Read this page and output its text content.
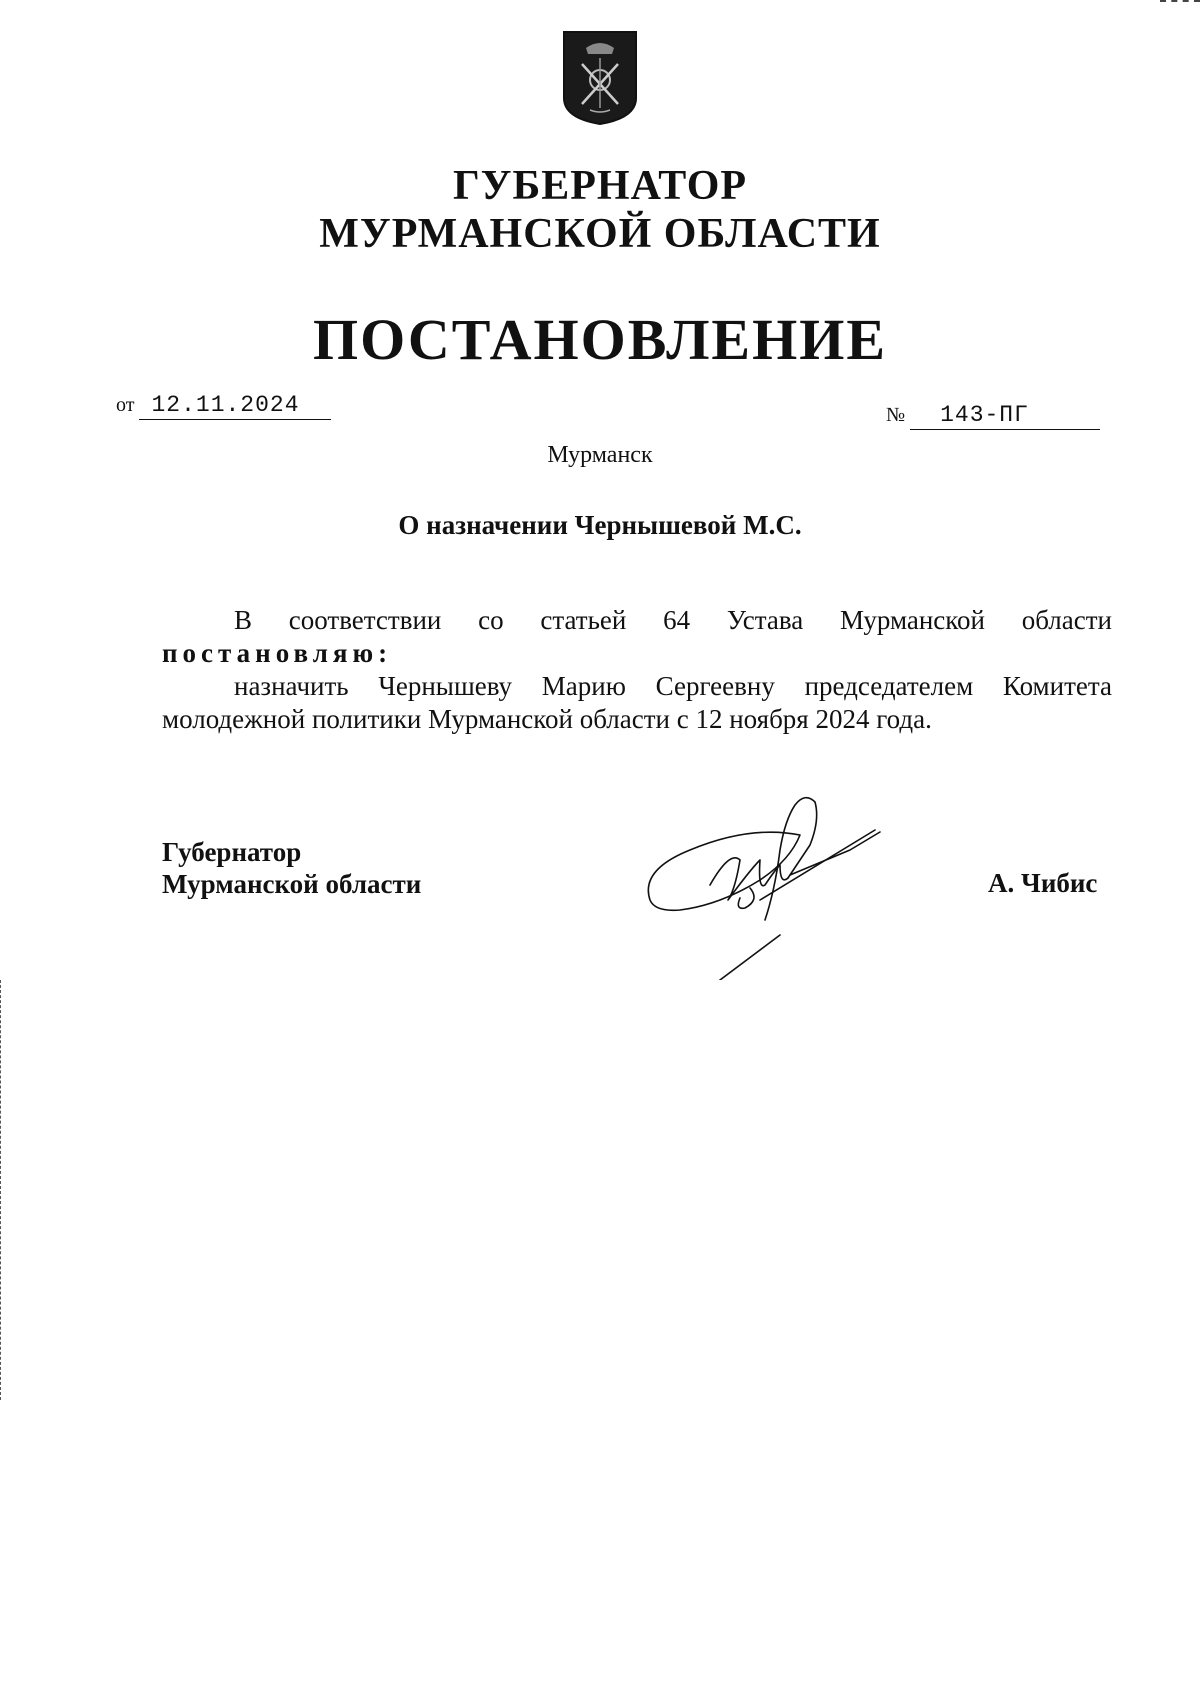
ГУБЕРНАТОР
МУРМАНСКОЙ ОБЛАСТИ
ПОСТАНОВЛЕНИЕ
от 12.11.2024	№ 143-ПГ
Мурманск
О назначении Чернышевой М.С.

В соответствии со статьей 64 Устава Мурманской области

постановляю:

назначить Чернышеву Марию Сергеевну председателем Комитета

молодежной политики Мурманской области с 12 ноября 2024 года.

Губернатор
Мурманской области	А. Чибис
